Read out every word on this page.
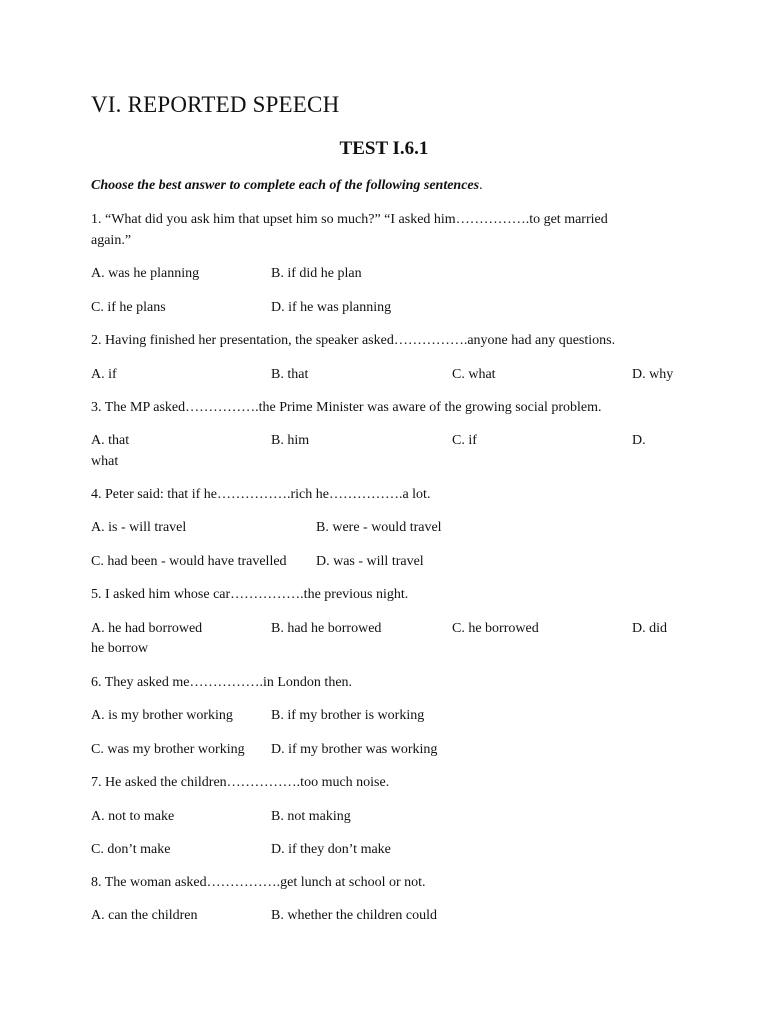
VI. REPORTED SPEECH
TEST I.6.1
Choose the best answer to complete each of the following sentences.
1. “What did you ask him that upset him so much?” “I asked him…………….to get married
again.”
A. was he planning	B. if did he plan
C. if he plans	D. if he was planning
2. Having finished her presentation, the speaker asked…………….anyone had any questions.
A. if	B. that	C. what	D. why
3. The MP asked…………….the Prime Minister was aware of the growing social problem.
A. that	B. him	C. if	D.
what
4. Peter said: that if he…………….rich he…………….a lot.
A. is - will travel	B. were - would travel
C. had been - would have travelled D. was - will travel
5. I asked him whose car…………….the previous night.
A. he had borrowed	B. had he borrowed	C. he borrowed	D. did
he borrow
6. They asked me…………….in London then.
A. is my brother working	B. if my brother is working
C. was my brother working D. if my brother was working
7. He asked the children…………….too much noise.
A. not to make	B. not making
C. don’t make	D. if they don’t make
8. The woman asked…………….get lunch at school or not.
A. can the children	B. whether the children could
